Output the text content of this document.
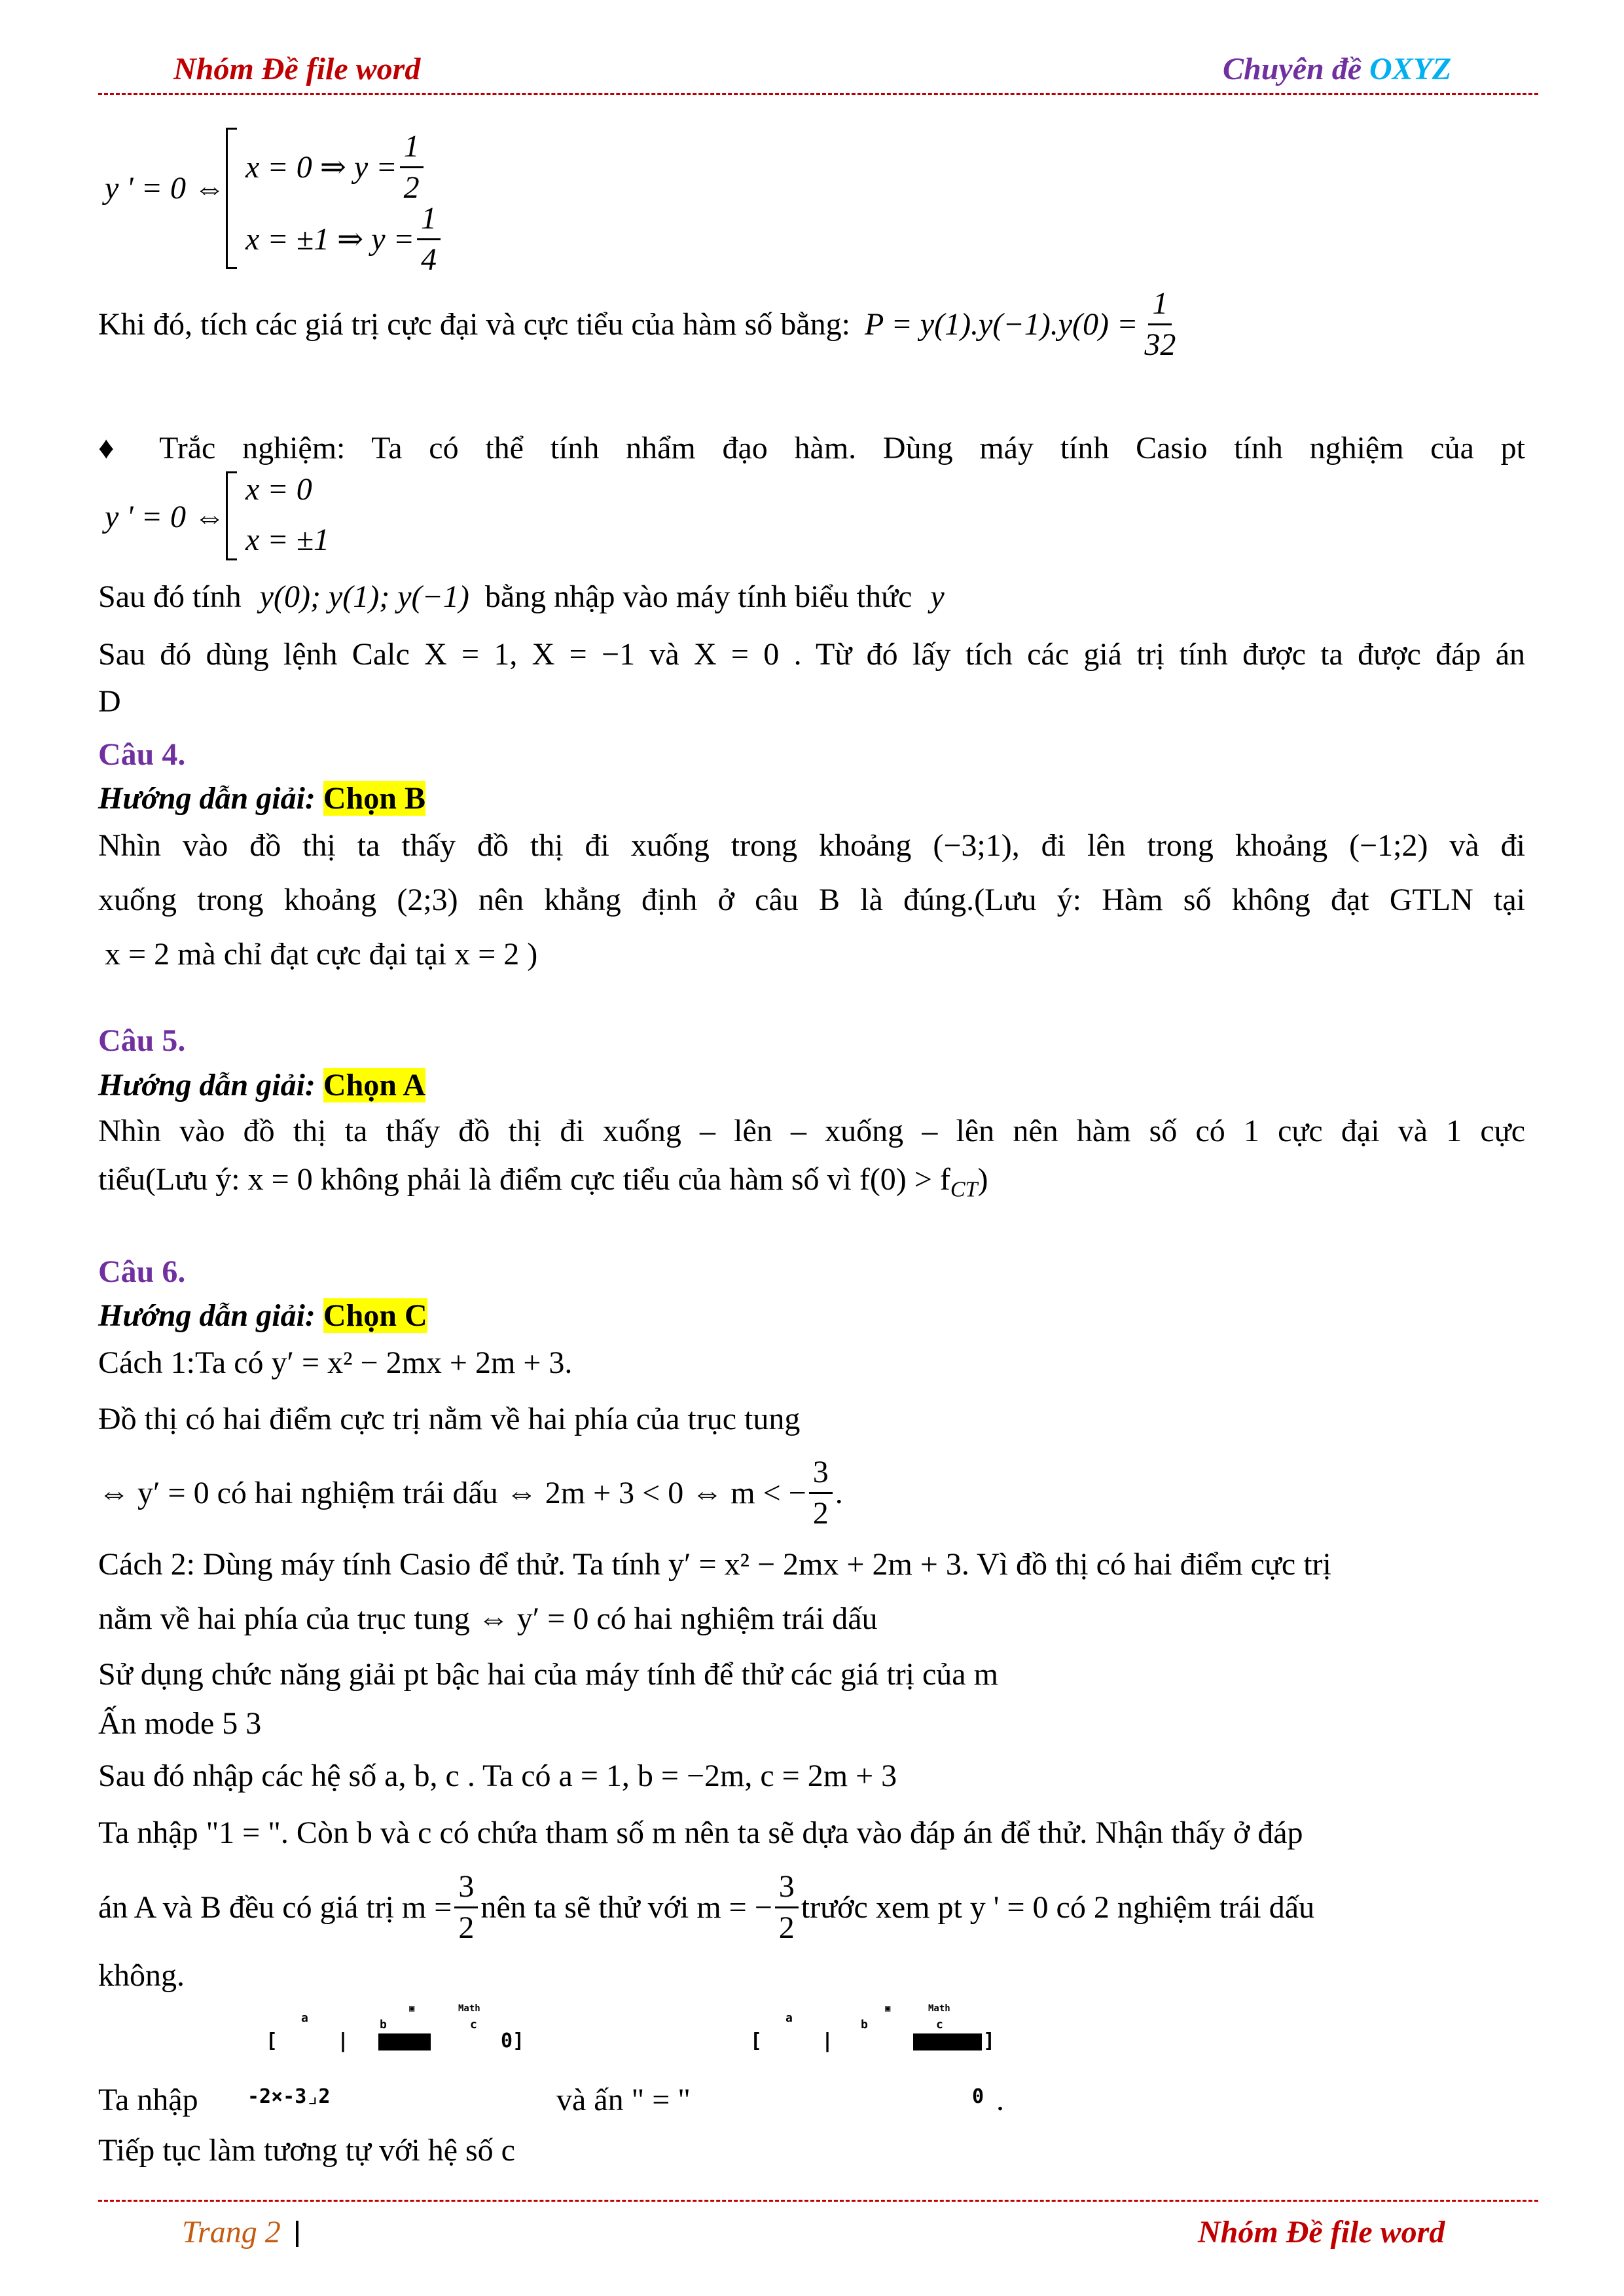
Nhóm Đề file word	Chuyên đề OXYZ
y ' = 0 ⇔
x = 0 ⇒ $y = \frac{1}{2}$
x = ±1 ⇒ $y = \frac{1}{4}$
Khi đó, tích các giá trị cực đại và cực tiểu của hàm số bằng: $P = y(1).y(-1).y(0) = \frac{1}{32}$
♦ Trắc nghiệm: Ta có thể tính nhẩm đạo hàm. Dùng máy tính Casio tính nghiệm của pt
y ' = 0 ⇔
x = 0
x = ±1
Sau đó tính y(0); y(1); y(−1) bằng nhập vào máy tính biểu thức y
Sau đó dùng lệnh Calc X = 1, X = −1 và X = 0 . Từ đó lấy tích các giá trị tính được ta được đáp án
D
Câu 4.
Hướng dẫn giải: Chọn B
Nhìn vào đồ thị ta thấy đồ thị đi xuống trong khoảng (−3;1), đi lên trong khoảng (−1;2) và đi
xuống trong khoảng (2;3) nên khẳng định ở câu B là đúng.(Lưu ý: Hàm số không đạt GTLN tại
x = 2 mà chỉ đạt cực đại tại x = 2 )
Câu 5.
Hướng dẫn giải: Chọn A
Nhìn vào đồ thị ta thấy đồ thị đi xuống – lên – xuống – lên nên hàm số có 1 cực đại và 1 cực
tiểu(Lưu ý: x = 0 không phải là điểm cực tiểu của hàm số vì $f(0) > f_{CT}$)
Câu 6.
Hướng dẫn giải: Chọn C
Cách 1:Ta có y′ = x² − 2mx + 2m + 3.
Đồ thị có hai điểm cực trị nằm về hai phía của trục tung
⇔ y′ = 0 có hai nghiệm trái dấu ⇔ 2m + 3 < 0 ⇔ m < − $\frac{3}{2}$ .
Cách 2: Dùng máy tính Casio để thử. Ta tính y′ = x² − 2mx + 2m + 3. Vì đồ thị có hai điểm cực trị
nằm về hai phía của trục tung ⇔ y′ = 0 có hai nghiệm trái dấu
Sử dụng chức năng giải pt bậc hai của máy tính để thử các giá trị của m
Ấn mode 5 3
Sau đó nhập các hệ số a, b, c . Ta có a = 1, b = −2m, c = 2m + 3
Ta nhập "1 = ". Còn b và c có chứa tham số m nên ta sẽ dựa vào đáp án để thử. Nhận thấy ở đáp
án A và B đều có giá trị $m = \frac{3}{2}$ nên ta sẽ thử với m = − $\frac{3}{2}$ trước xem pt y ' = 0 có 2 nghiệm trái dấu
không.
[
a
|
b
▣	Math
c
0]	[
a
|
b
▣	Math
c
]
Ta nhập	-2×-3⌟2	và ấn " = "	0 .
Tiếp tục làm tương tự với hệ số c
Trang 2	Nhóm Đề file word
